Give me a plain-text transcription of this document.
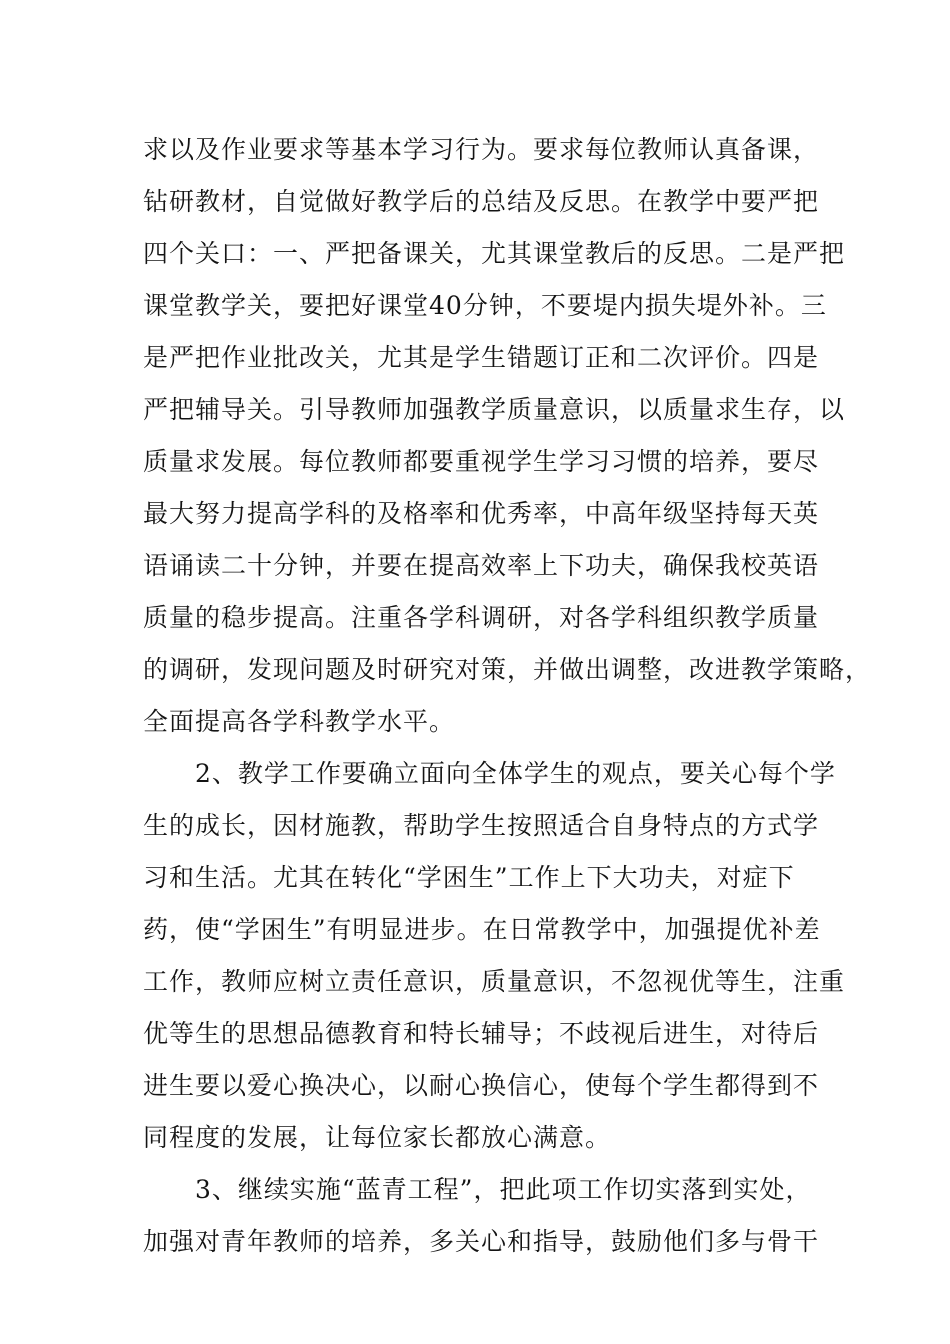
求以及作业要求等基本学习行为。要求每位教师认真备课，
钻研教材，自觉做好教学后的总结及反思。在教学中要严把
四个关口：一、严把备课关，尤其课堂教后的反思。二是严把
课堂教学关，要把好课堂40分钟，不要堤内损失堤外补。三
是严把作业批改关，尤其是学生错题订正和二次评价。四是
严把辅导关。引导教师加强教学质量意识，以质量求生存，以
质量求发展。每位教师都要重视学生学习习惯的培养，要尽
最大努力提高学科的及格率和优秀率，中高年级坚持每天英
语诵读二十分钟，并要在提高效率上下功夫，确保我校英语
质量的稳步提高。注重各学科调研，对各学科组织教学质量
的调研，发现问题及时研究对策，并做出调整，改进教学策略，
全面提高各学科教学水平。
2、教学工作要确立面向全体学生的观点，要关心每个学
生的成长，因材施教，帮助学生按照适合自身特点的方式学
习和生活。尤其在转化“学困生”工作上下大功夫，对症下
药，使“学困生”有明显进步。在日常教学中，加强提优补差
工作，教师应树立责任意识，质量意识，不忽视优等生，注重
优等生的思想品德教育和特长辅导；不歧视后进生，对待后
进生要以爱心换决心，以耐心换信心，使每个学生都得到不
同程度的发展，让每位家长都放心满意。
3、继续实施“蓝青工程”，把此项工作切实落到实处，
加强对青年教师的培养，多关心和指导，鼓励他们多与骨干
